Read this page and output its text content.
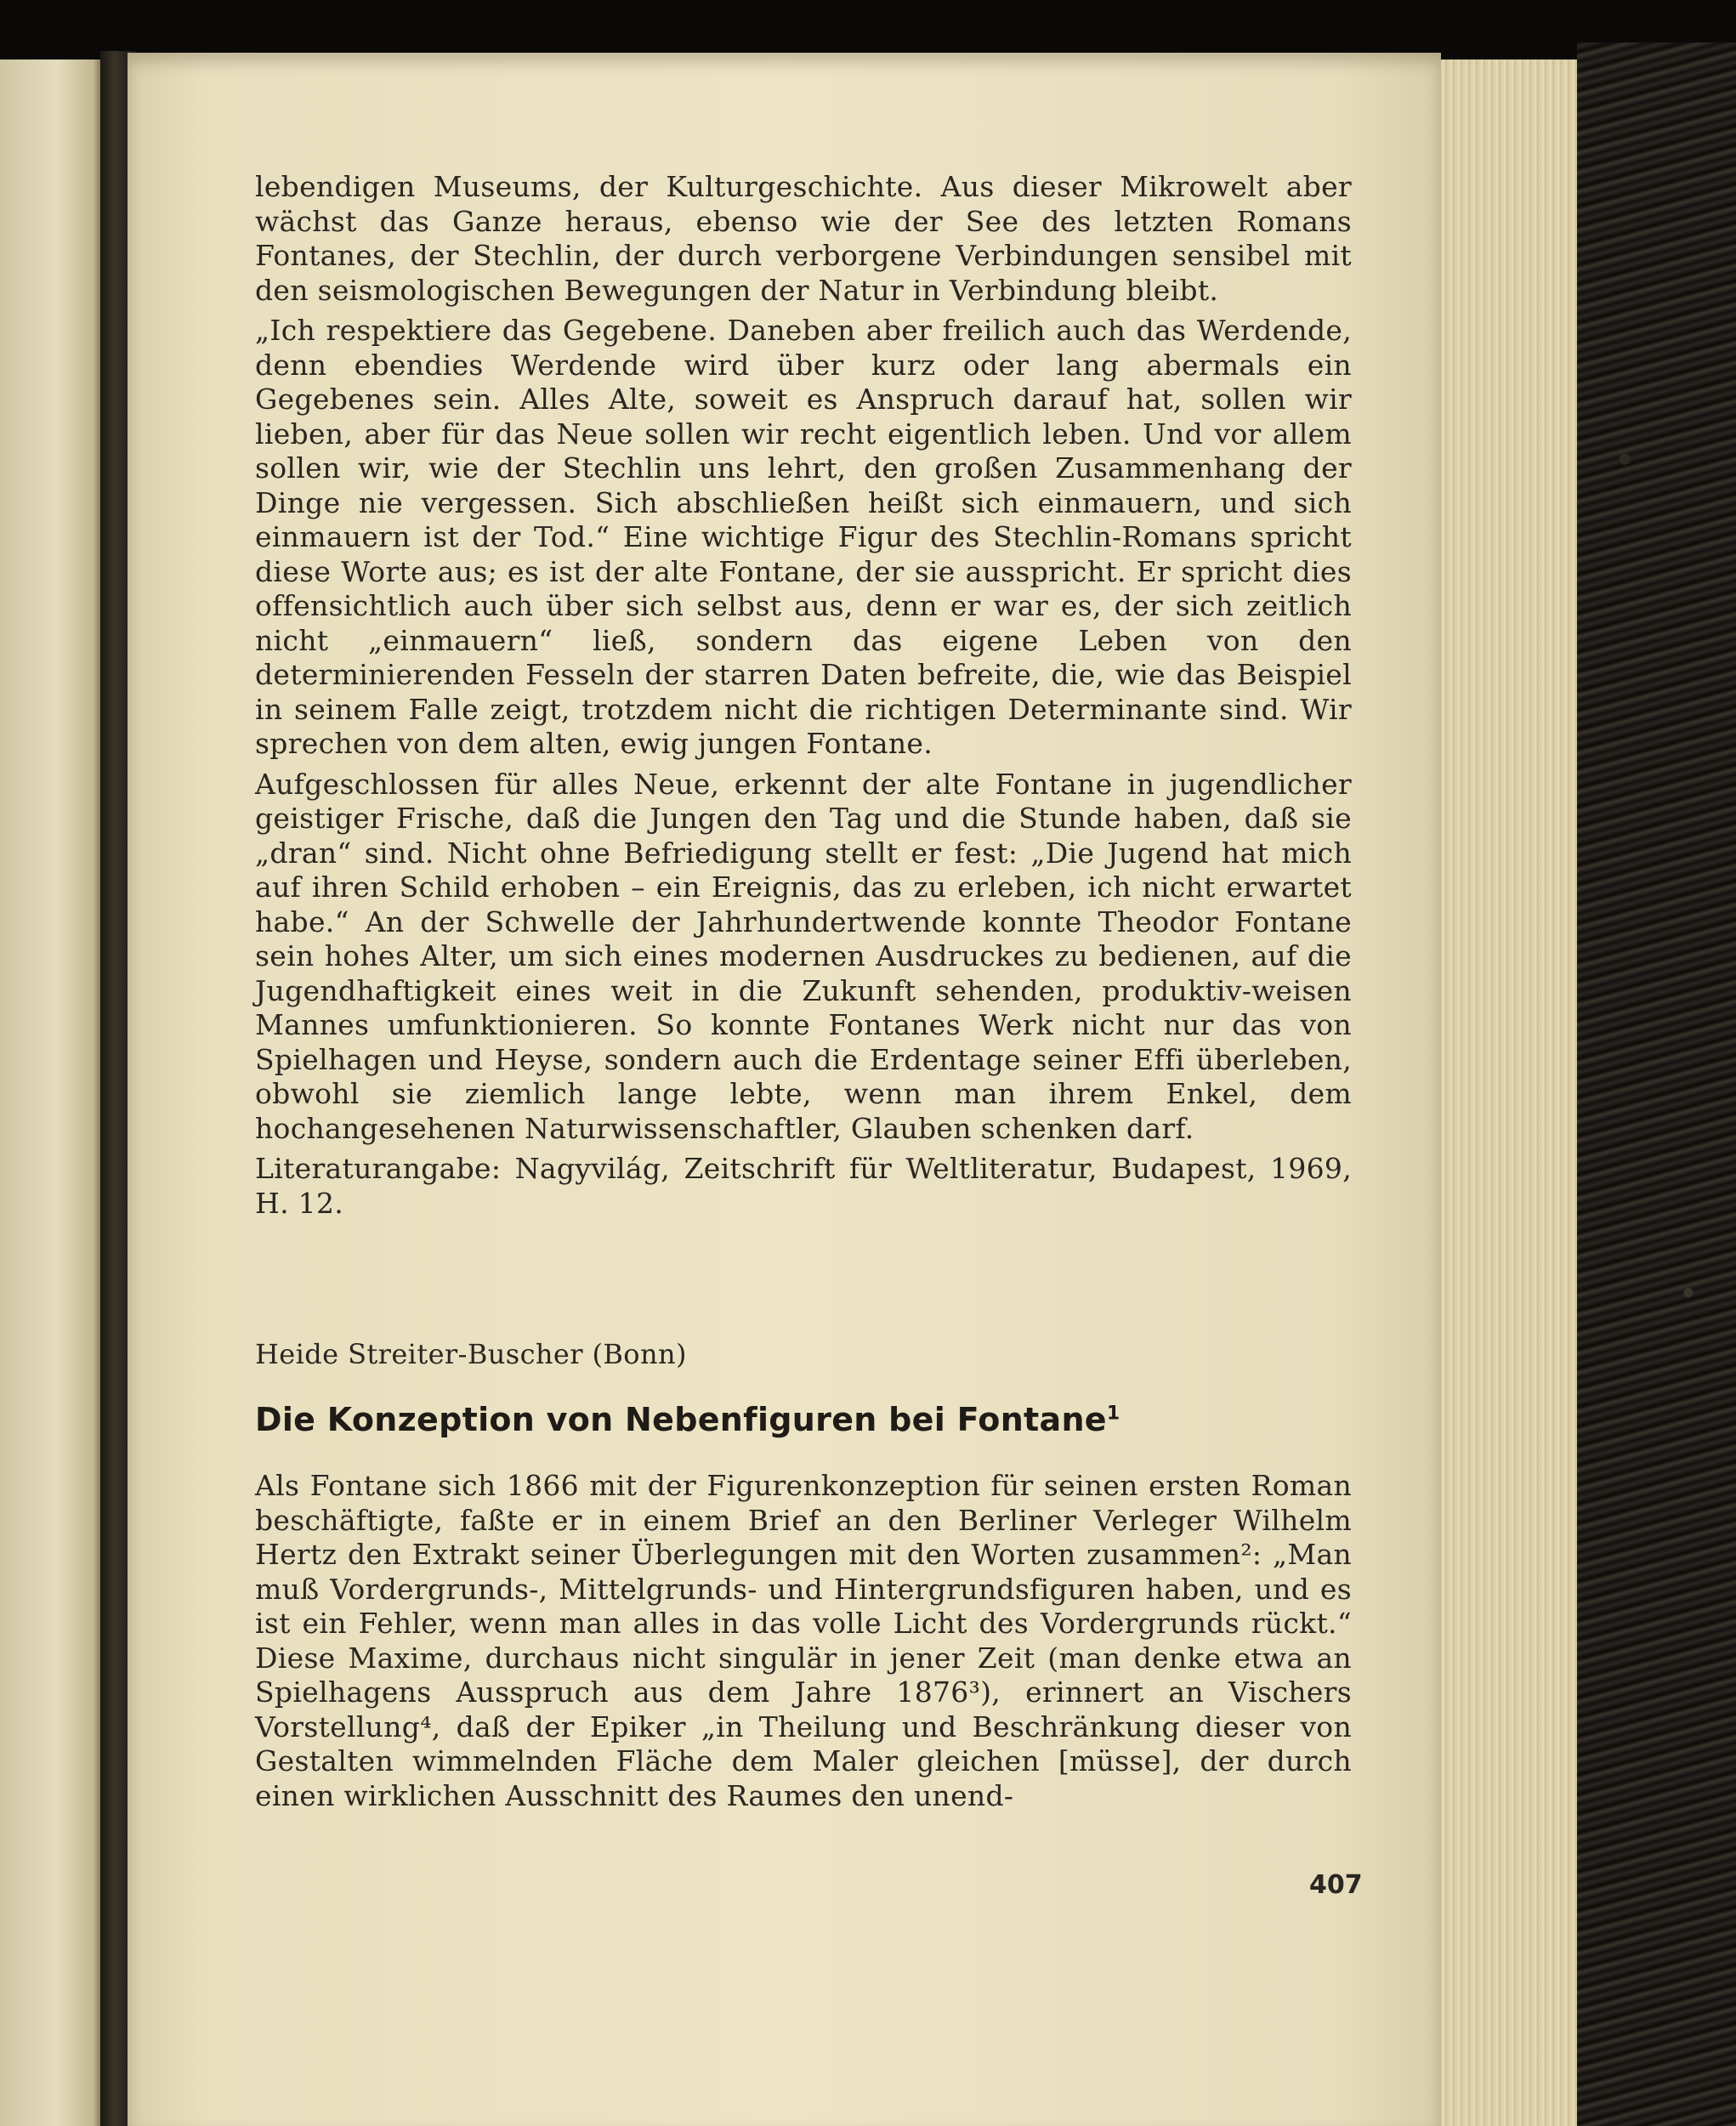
lebendigen Museums, der Kulturgeschichte. Aus dieser Mikrowelt aber wächst das Ganze heraus, ebenso wie der See des letzten Romans Fontanes, der Stechlin, der durch verborgene Verbindungen sensibel mit den seismologischen Bewegungen der Natur in Verbindung bleibt.

„Ich respektiere das Gegebene. Daneben aber freilich auch das Werdende, denn ebendies Werdende wird über kurz oder lang abermals ein Gegebenes sein. Alles Alte, soweit es Anspruch darauf hat, sollen wir lieben, aber für das Neue sollen wir recht eigentlich leben. Und vor allem sollen wir, wie der Stechlin uns lehrt, den großen Zusammenhang der Dinge nie vergessen. Sich abschließen heißt sich einmauern, und sich einmauern ist der Tod.“ Eine wichtige Figur des Stechlin-Romans spricht diese Worte aus; es ist der alte Fontane, der sie ausspricht. Er spricht dies offensichtlich auch über sich selbst aus, denn er war es, der sich zeitlich nicht „einmauern“ ließ, sondern das eigene Leben von den determinierenden Fesseln der starren Daten befreite, die, wie das Beispiel in seinem Falle zeigt, trotzdem nicht die richtigen Determinante sind. Wir sprechen von dem alten, ewig jungen Fontane.

Aufgeschlossen für alles Neue, erkennt der alte Fontane in jugendlicher geistiger Frische, daß die Jungen den Tag und die Stunde haben, daß sie „dran“ sind. Nicht ohne Befriedigung stellt er fest: „Die Jugend hat mich auf ihren Schild erhoben – ein Ereignis, das zu erleben, ich nicht erwartet habe.“ An der Schwelle der Jahrhundertwende konnte Theodor Fontane sein hohes Alter, um sich eines modernen Ausdruckes zu bedienen, auf die Jugendhaftigkeit eines weit in die Zukunft sehenden, produktiv-weisen Mannes umfunktionieren. So konnte Fontanes Werk nicht nur das von Spielhagen und Heyse, sondern auch die Erdentage seiner Effi überleben, obwohl sie ziemlich lange lebte, wenn man ihrem Enkel, dem hochangesehenen Naturwissenschaftler, Glauben schenken darf.

Literaturangabe: Nagyvilág, Zeitschrift für Weltliteratur, Budapest, 1969, H. 12.

Heide Streiter-Buscher (Bonn)
Die Konzeption von Nebenfiguren bei Fontane$^1$

Als Fontane sich 1866 mit der Figurenkonzeption für seinen ersten Roman beschäftigte, faßte er in einem Brief an den Berliner Verleger Wilhelm Hertz den Extrakt seiner Überlegungen mit den Worten zusammen²: „Man muß Vordergrunds-, Mittelgrunds- und Hintergrundsfiguren haben, und es ist ein Fehler, wenn man alles in das volle Licht des Vordergrunds rückt.“ Diese Maxime, durchaus nicht singulär in jener Zeit (man denke etwa an Spielhagens Ausspruch aus dem Jahre 1876³), erinnert an Vischers Vorstellung⁴, daß der Epiker „in Theilung und Beschränkung dieser von Gestalten wimmelnden Fläche dem Maler gleichen [müsse], der durch einen wirklichen Ausschnitt des Raumes den unend-

407
